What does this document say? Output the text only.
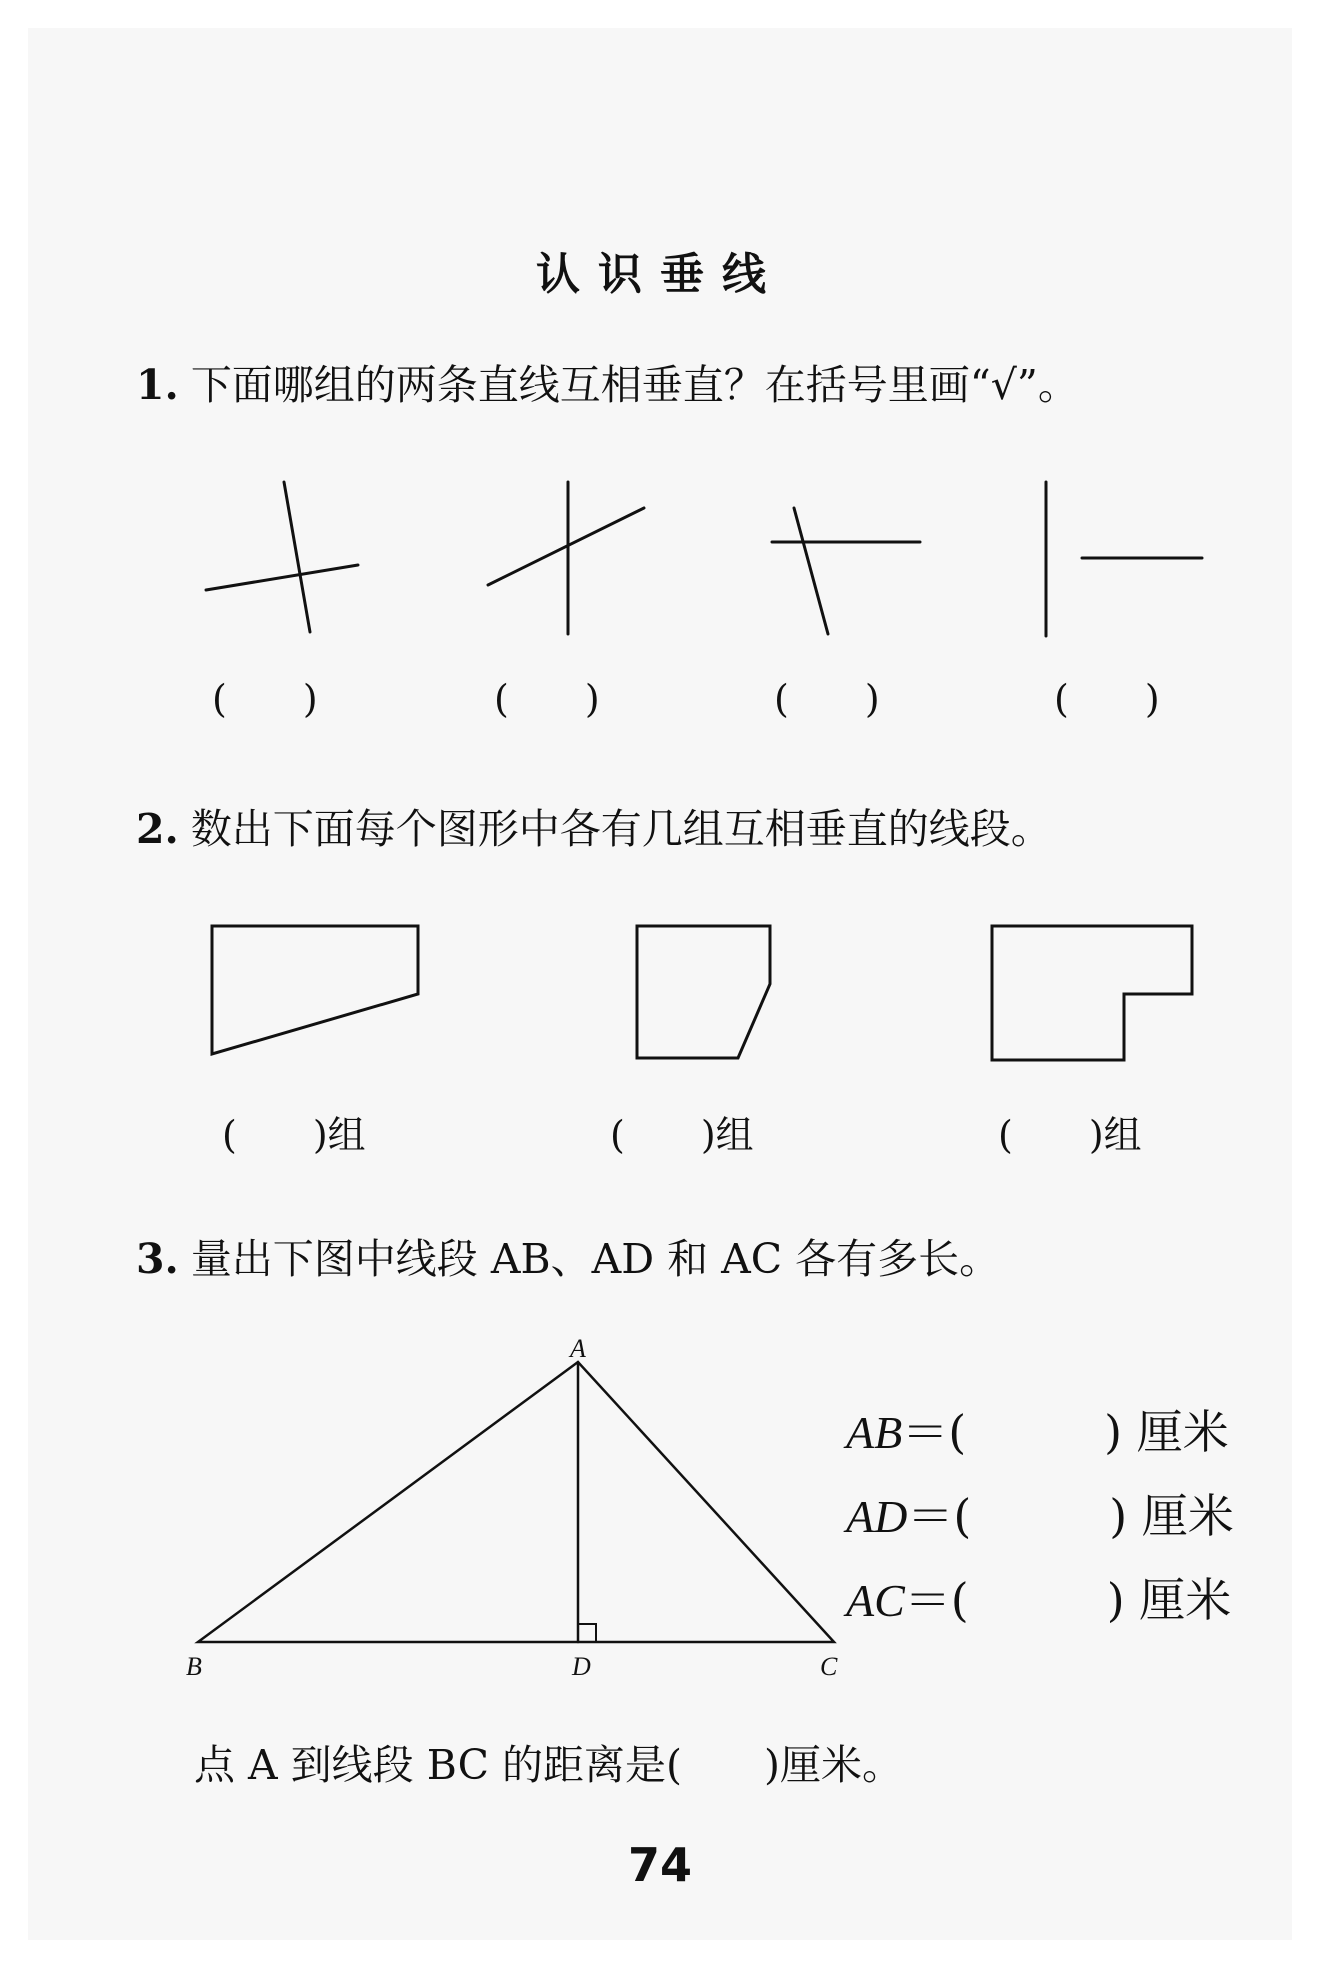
认识垂线
1. 下面哪组的两条直线互相垂直？在括号里画“√”。
(　　)	(　　)	(　　)	(　　)
2. 数出下面每个图形中各有几组互相垂直的线段。
(　　)组	(　　)组	(　　)组
3. 量出下图中线段 AB、AD 和 AC 各有多长。
AB＝(　　　) 厘米
AD＝(　　　) 厘米
AC＝(　　　) 厘米
A
B	D	C
点 A 到线段 BC 的距离是(　　)厘米。
74
